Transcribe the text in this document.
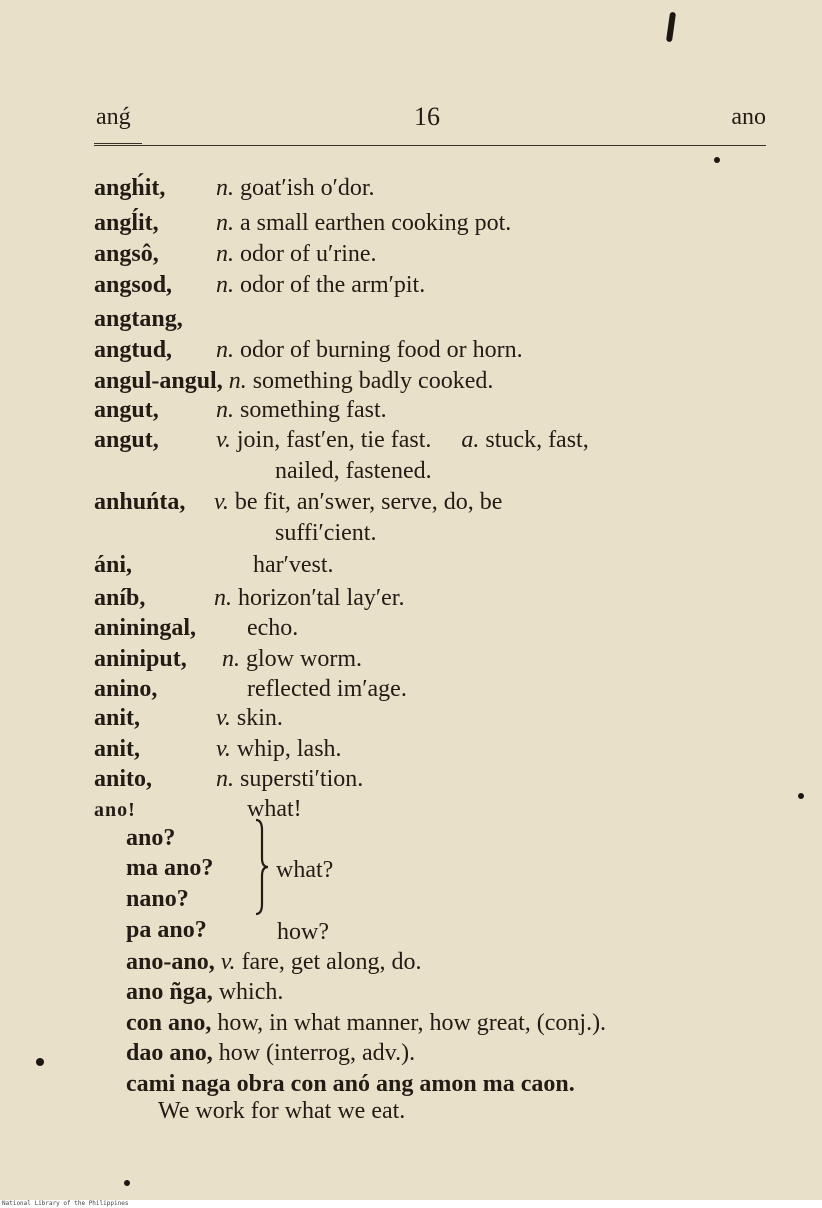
anǵ	16	ano
angh́it, n. goat′ish o′dor.
angĺit, n. a small earthen cooking pot.
angsô, n. odor of u′rine.
angsod, n. odor of the arm′pit.
angtang,
angtud, n. odor of burning food or horn.
angul-angul, n. something badly cooked.
angut, n. something fast.
angut, v. join, fast′en, tie fast. a. stuck, fast,
nailed, fastened.
anhuńta, v. be fit, an′swer, serve, do, be
suffi′cient.
áni,	har′vest.
aníb,	n. horizon′tal lay′er.
aniningal, echo.
aniniput, n. glow worm.
anino,	reflected im′age.
anit,	v. skin.
anit,	v. whip, lash.
anito,	n. supersti′tion.
ano!	what!
ano?
ma ano?
nano?
what?
pa ano?	how?
ano-ano, v. fare, get along, do.
ano ñga, which.
con ano, how, in what manner, how great, (conj.).
dao ano, how (interrog, adv.).
cami naga obra con anó ang amon ma caon.
We work for what we eat.
National Library of the Philippines
